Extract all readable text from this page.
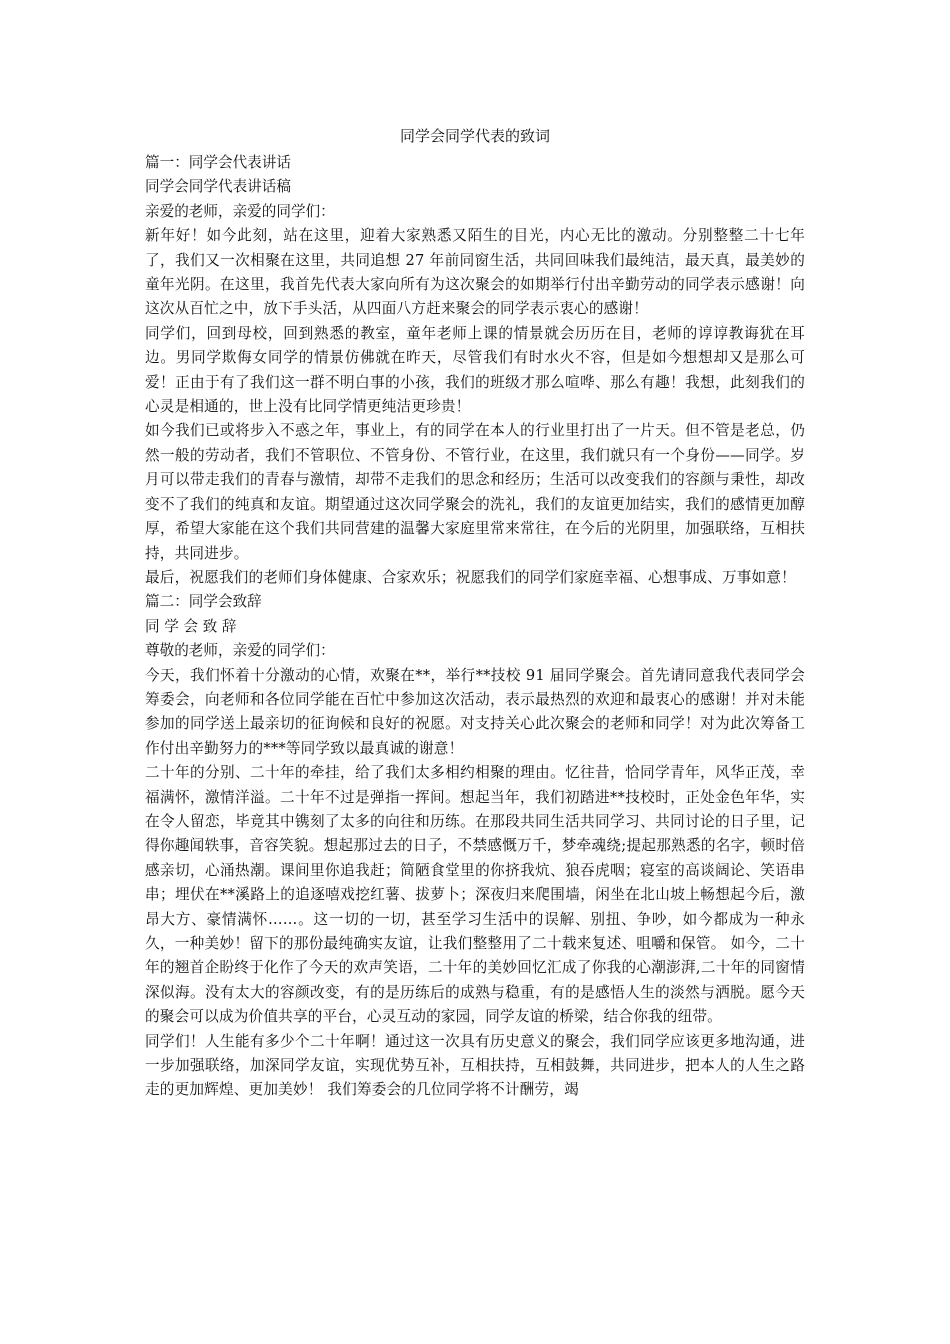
同学会同学代表的致词
篇一：同学会代表讲话
同学会同学代表讲话稿
亲爱的老师，亲爱的同学们：
新年好！如今此刻，站在这里，迎着大家熟悉又陌生的目光，内心无比的激动。分别整整二十七年了，我们又一次相聚在这里，共同追想 27 年前同窗生活，共同回味我们最纯洁，最天真，最美妙的童年光阴。在这里，我首先代表大家向所有为这次聚会的如期举行付出辛勤劳动的同学表示感谢！向这次从百忙之中，放下手头活，从四面八方赶来聚会的同学表示衷心的感谢！
同学们，回到母校，回到熟悉的教室，童年老师上课的情景就会历历在目，老师的谆谆教诲犹在耳边。男同学欺侮女同学的情景仿佛就在昨天，尽管我们有时水火不容，但是如今想想却又是那么可爱！正由于有了我们这一群不明白事的小孩，我们的班级才那么喧哗、那么有趣！我想，此刻我们的心灵是相通的，世上没有比同学情更纯洁更珍贵！
如今我们已或将步入不惑之年，事业上，有的同学在本人的行业里打出了一片天。但不管是老总，仍然一般的劳动者，我们不管职位、不管身份、不管行业，在这里，我们就只有一个身份——同学。岁月可以带走我们的青春与激情，却带不走我们的思念和经历；生活可以改变我们的容颜与秉性，却改变不了我们的纯真和友谊。期望通过这次同学聚会的洗礼，我们的友谊更加结实，我们的感情更加醇厚，希望大家能在这个我们共同营建的温馨大家庭里常来常往，在今后的光阴里，加强联络，互相扶持，共同进步。
最后，祝愿我们的老师们身体健康、合家欢乐；祝愿我们的同学们家庭幸福、心想事成、万事如意！
篇二：同学会致辞
同 学 会 致 辞
尊敬的老师，亲爱的同学们：
今天，我们怀着十分激动的心情，欢聚在**，举行**技校 91 届同学聚会。首先请同意我代表同学会筹委会，向老师和各位同学能在百忙中参加这次活动，表示最热烈的欢迎和最衷心的感谢！并对未能参加的同学送上最亲切的征询候和良好的祝愿。对支持关心此次聚会的老师和同学！对为此次筹备工作付出辛勤努力的***等同学致以最真诚的谢意！
二十年的分别、二十年的牵挂，给了我们太多相约相聚的理由。忆往昔，恰同学青年，风华正茂，幸福满怀，激情洋溢。二十年不过是弹指一挥间。想起当年，我们初踏进**技校时，正处金色年华，实在令人留恋，毕竟其中镌刻了太多的向往和历练。在那段共同生活共同学习、共同讨论的日子里，记得你趣闻轶事，音容笑貌。想起那过去的日子，不禁感慨万千，梦牵魂绕;提起那熟悉的名字，顿时倍感亲切，心涌热潮。课间里你追我赶；简陋食堂里的你挤我炕、狼吞虎咽；寝室的高谈阔论、笑语串串；埋伏在**溪路上的追逐嘻戏挖红薯、拔萝卜；深夜归来爬围墙，闲坐在北山坡上畅想起今后，激昂大方、豪情满怀……。这一切的一切，甚至学习生活中的误解、别扭、争吵，如今都成为一种永久，一种美妙！留下的那份最纯确实友谊，让我们整整用了二十载来复述、咀嚼和保管。 如今，二十年的翘首企盼终于化作了今天的欢声笑语，二十年的美妙回忆汇成了你我的心潮澎湃,二十年的同窗情深似海。没有太大的容颜改变，有的是历练后的成熟与稳重，有的是感悟人生的淡然与洒脱。愿今天的聚会可以成为价值共享的平台，心灵互动的家园，同学友谊的桥梁，结合你我的纽带。
同学们！人生能有多少个二十年啊！通过这一次具有历史意义的聚会，我们同学应该更多地沟通，进一步加强联络，加深同学友谊，实现优势互补，互相扶持，互相鼓舞，共同进步，把本人的人生之路走的更加辉煌、更加美妙！ 我们筹委会的几位同学将不计酬劳，竭
